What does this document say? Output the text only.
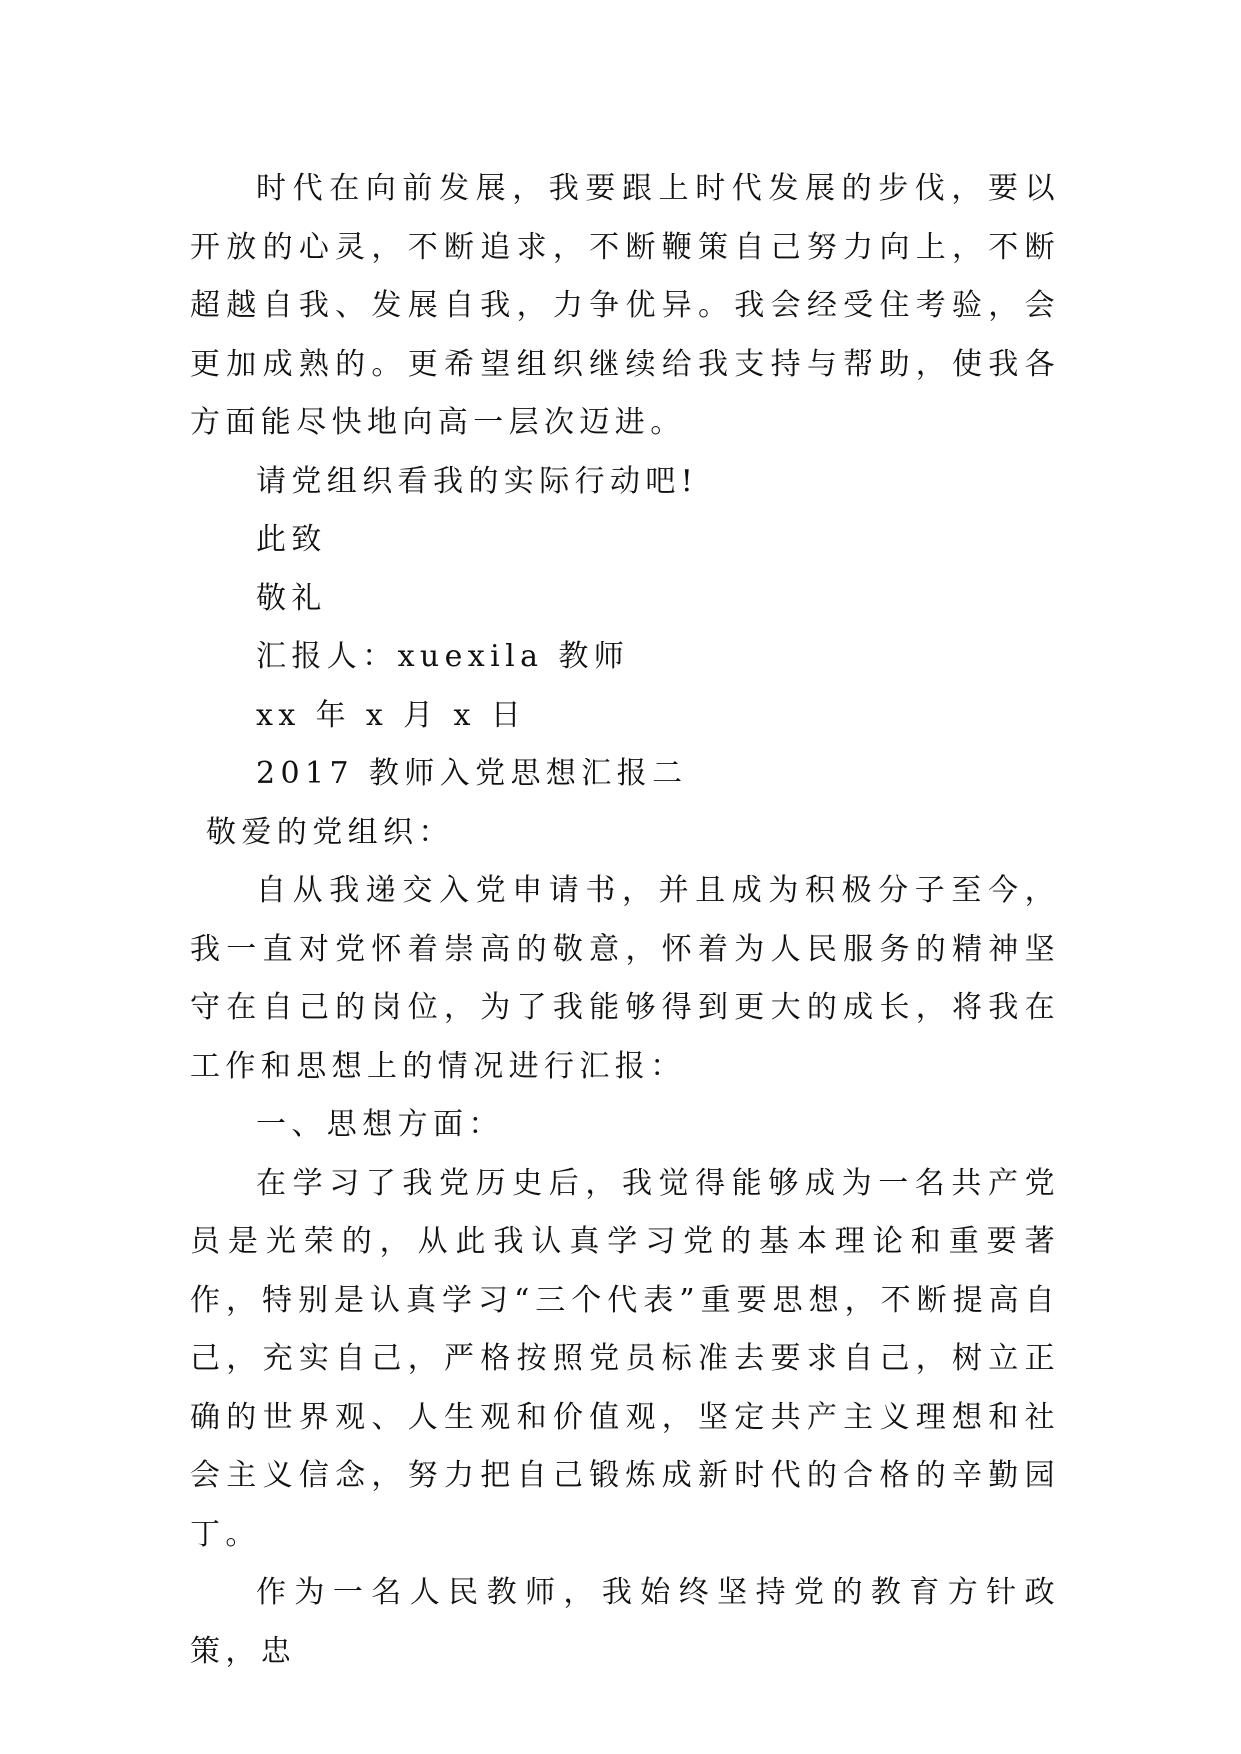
时代在向前发展，我要跟上时代发展的步伐，要以开放的心灵，不断追求，不断鞭策自己努力向上，不断超越自我、发展自我，力争优异。我会经受住考验，会更加成熟的。更希望组织继续给我支持与帮助，使我各方面能尽快地向高一层次迈进。

请党组织看我的实际行动吧!

此致

敬礼

汇报人：xuexila 教师

xx 年 x 月 x 日

2017 教师入党思想汇报二

敬爱的党组织：

自从我递交入党申请书，并且成为积极分子至今，我一直对党怀着崇高的敬意，怀着为人民服务的精神坚守在自己的岗位，为了我能够得到更大的成长，将我在工作和思想上的情况进行汇报：

一、思想方面：

在学习了我党历史后，我觉得能够成为一名共产党员是光荣的，从此我认真学习党的基本理论和重要著作，特别是认真学习“三个代表”重要思想，不断提高自己，充实自己，严格按照党员标准去要求自己，树立正确的世界观、人生观和价值观，坚定共产主义理想和社会主义信念，努力把自己锻炼成新时代的合格的辛勤园丁。

作为一名人民教师，我始终坚持党的教育方针政策，忠
